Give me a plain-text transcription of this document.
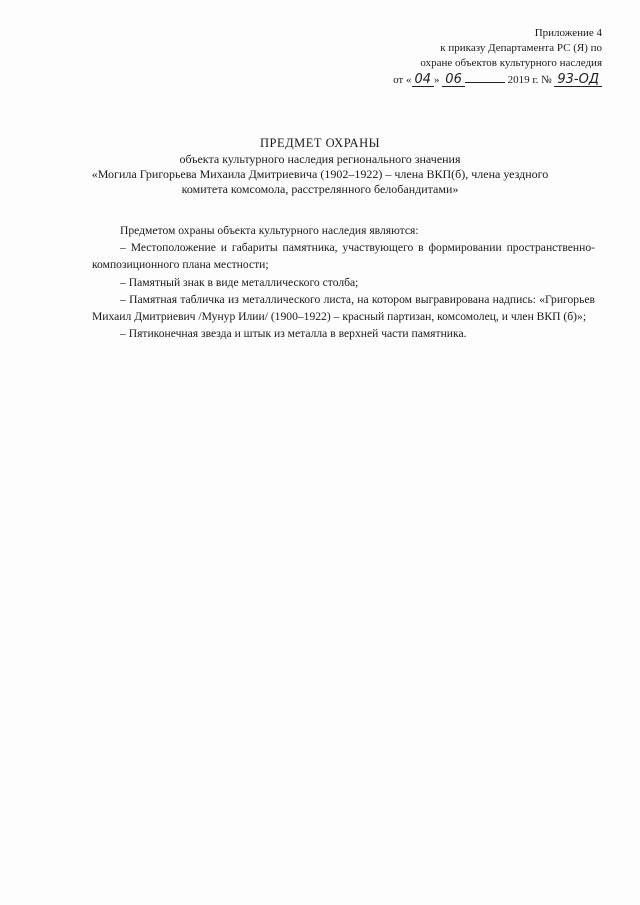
Приложение 4
к приказу Департамента РС (Я) по
охране объектов культурного наследия
от « 04 » 06	2019 г. № 93-ОД
ПРЕДМЕТ ОХРАНЫ
объекта культурного наследия регионального значения
«Могила Григорьева Михаила Дмитриевича (1902–1922) – члена ВКП(б), члена уездного
комитета комсомола, расстрелянного белобандитами»

Предметом охраны объекта культурного наследия являются:

– Местоположение и габариты памятника, участвующего в формировании пространственно-композиционного плана местности;

– Памятный знак в виде металлического столба;

– Памятная табличка из металлического листа, на котором выгравирована надпись: «Григорьев Михаил Дмитриевич /Мунур Илии/ (1900–1922) – красный партизан, комсомолец, и член ВКП (б)»;

– Пятиконечная звезда и штык из металла в верхней части памятника.
